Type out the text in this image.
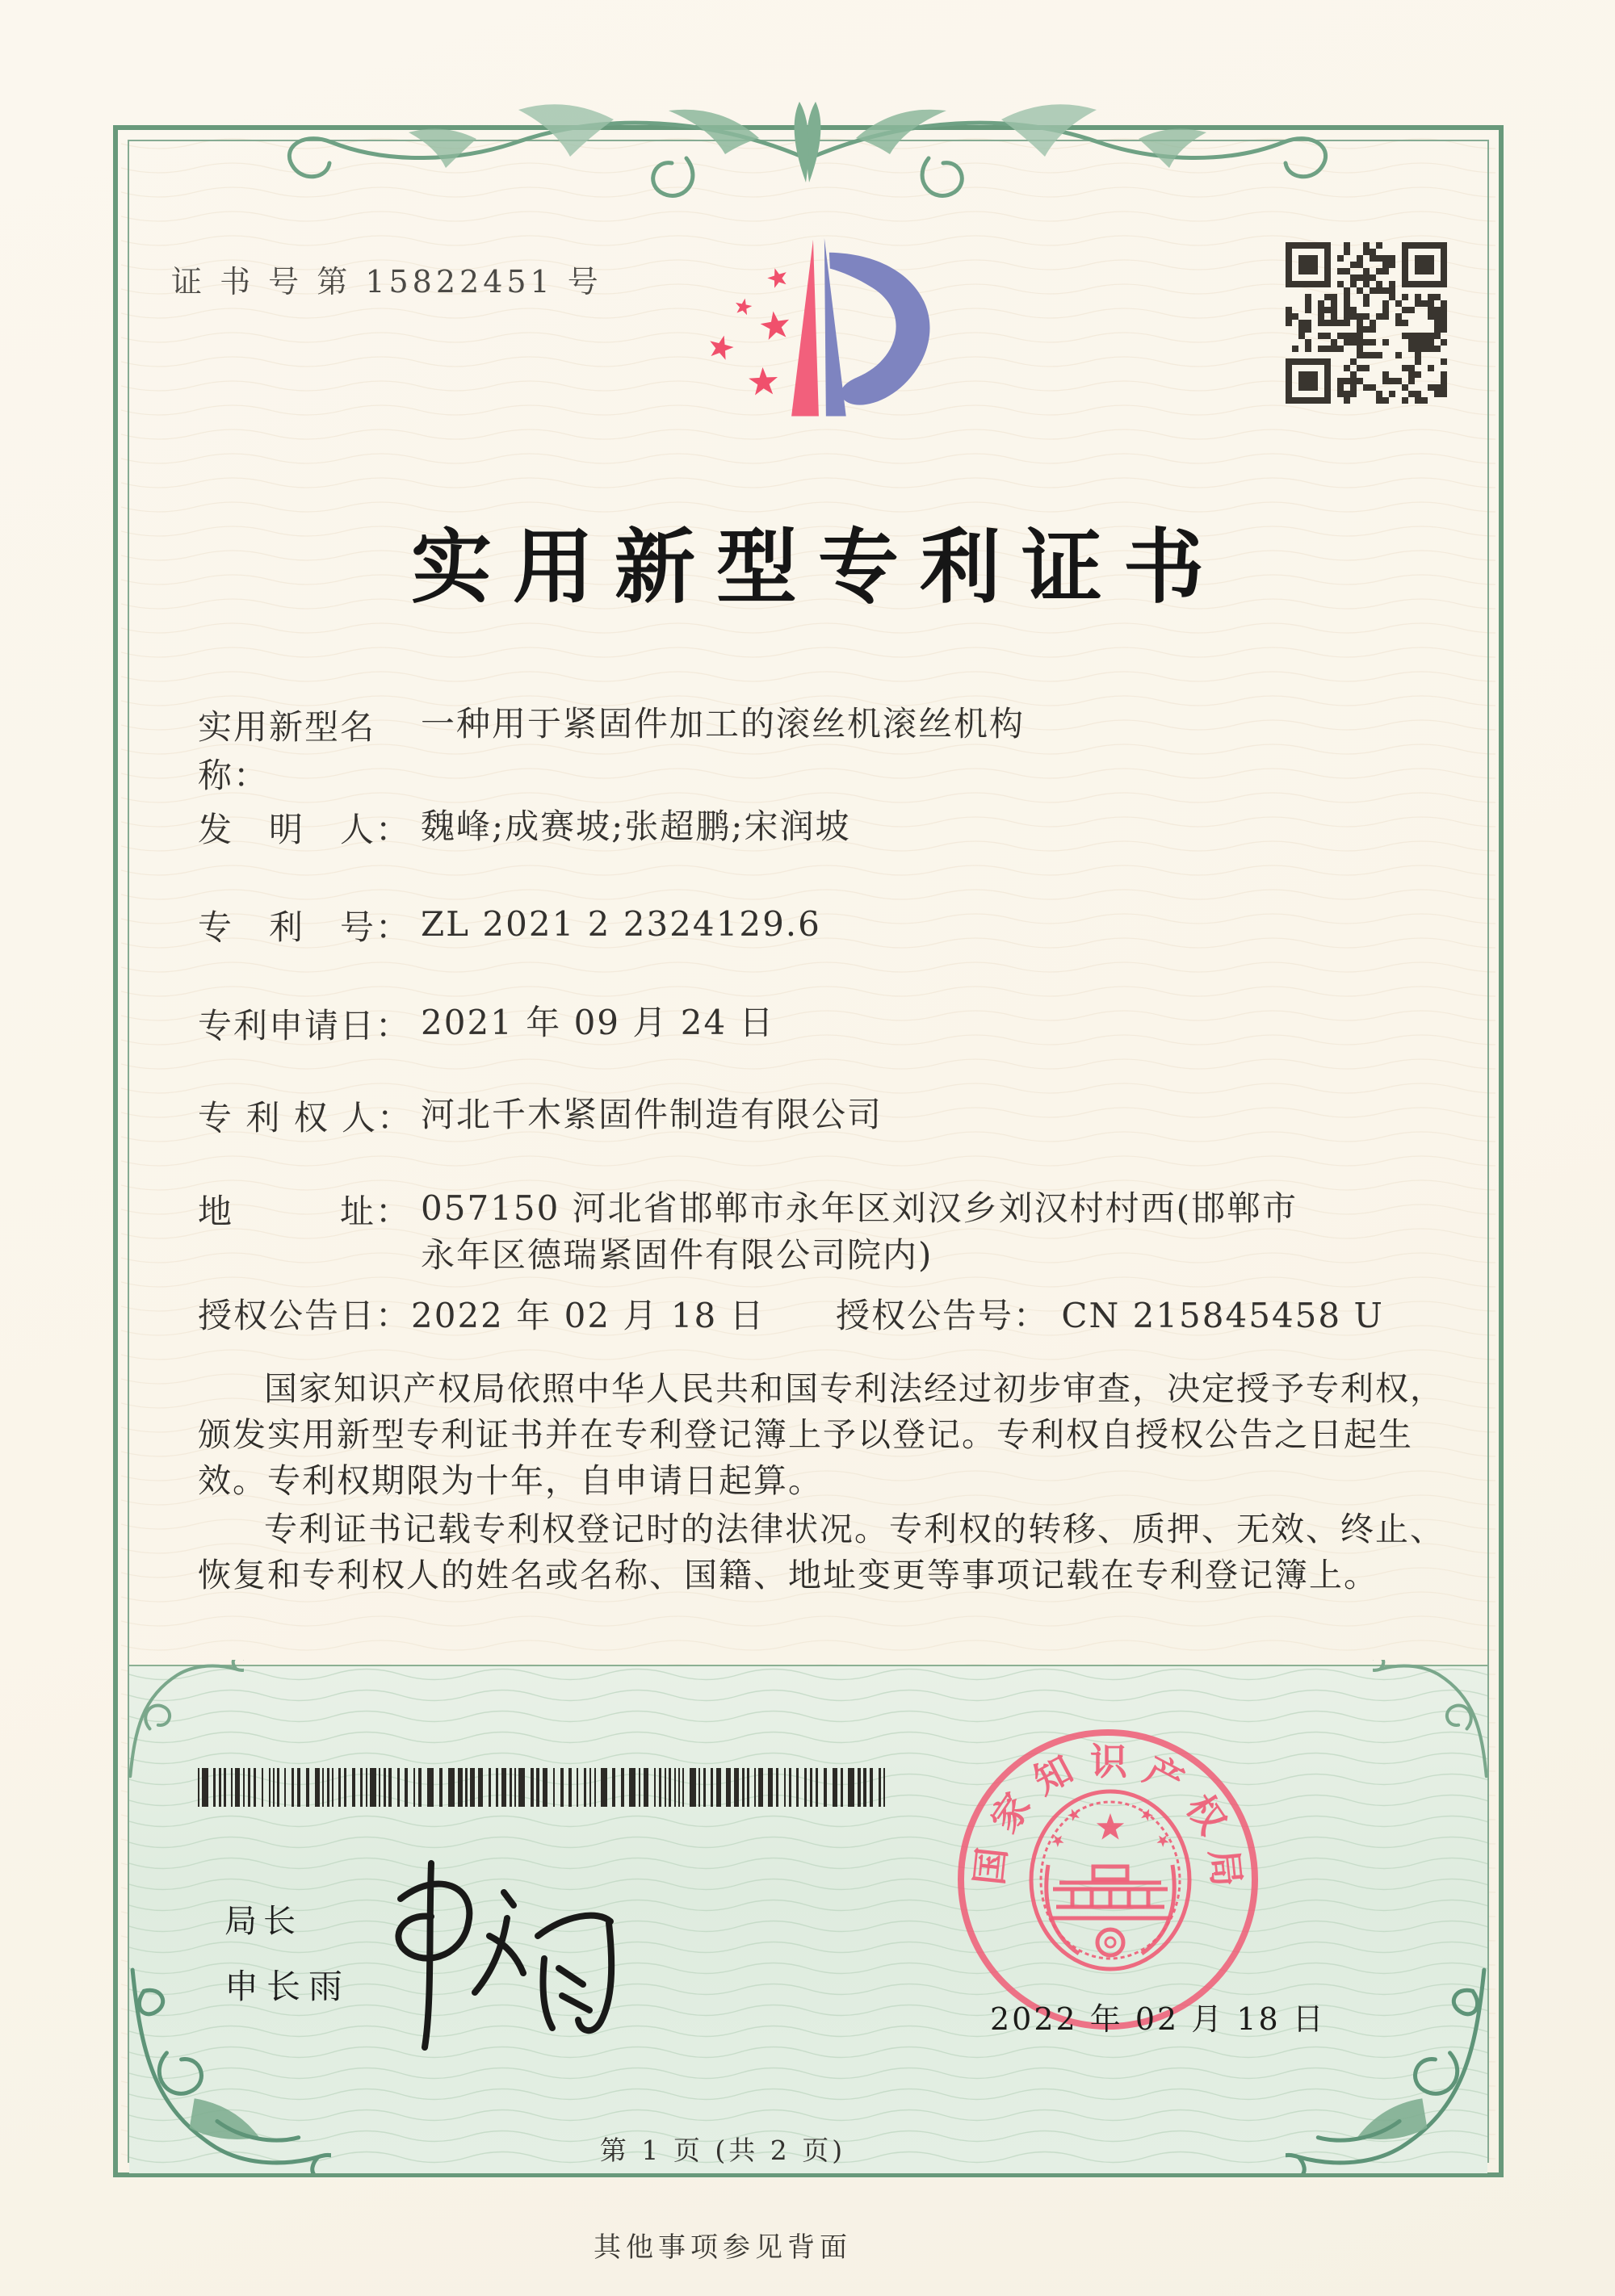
证 书 号 第 15822451 号
实用新型专利证书
实用新型名称：
一种用于紧固件加工的滚丝机滚丝机构
发　明　人： 魏峰;成赛坡;张超鹏;宋润坡
专　利　号： ZL 2021 2 2324129.6
专利申请日： 2021 年 09 月 24 日
专 利 权 人： 河北千木紧固件制造有限公司
地　　　址： 057150 河北省邯郸市永年区刘汉乡刘汉村村西(邯郸市永年区德瑞紧固件有限公司院内)
授权公告日： 2022 年 02 月 18 日 授权公告号： CN 215845458 U
国家知识产权局依照中华人民共和国专利法经过初步审查，决定授予专利权，颁发实用新型专利证书并在专利登记簿上予以登记。专利权自授权公告之日起生效。专利权期限为十年，自申请日起算。
专利证书记载专利权登记时的法律状况。专利权的转移、质押、无效、终止、恢复和专利权人的姓名或名称、国籍、地址变更等事项记载在专利登记簿上。
局长
申长雨
国
家
知 识 产
权
局
2022 年 02 月 18 日
第 1 页 (共 2 页)
其他事项参见背面
